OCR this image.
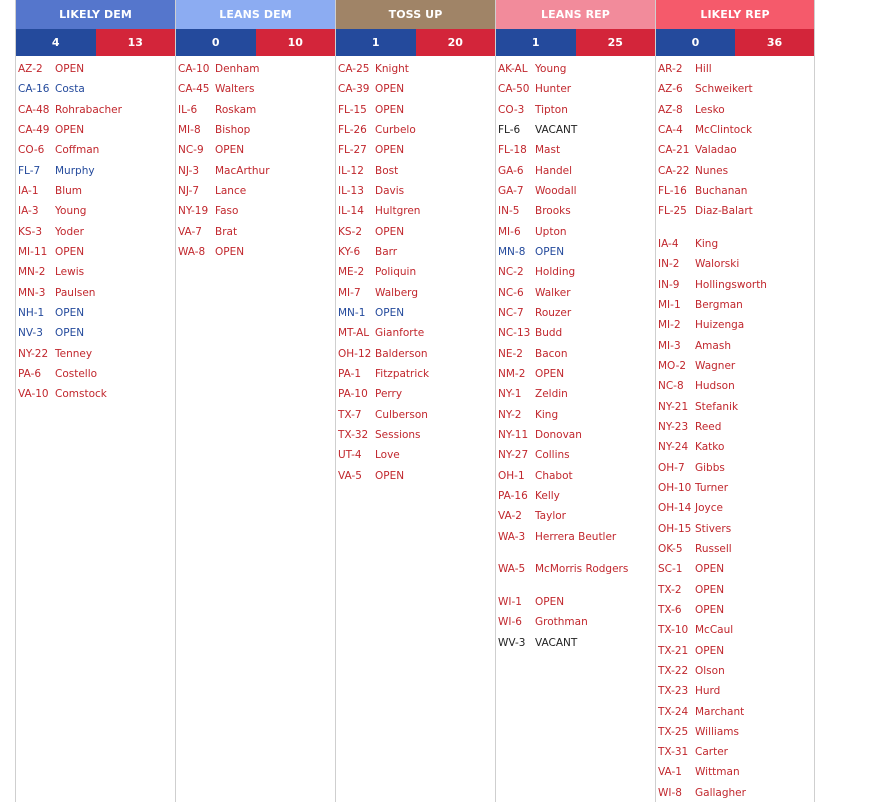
LIKELY DEM
4	13
AZ-2	OPEN
CA-16 Costa
CA-48 Rohrabacher
CA-49 OPEN
CO-6	Coffman
FL-7	Murphy
IA-1	Blum
IA-3	Young
KS-3	Yoder
MI-11 OPEN
MN-2 Lewis
MN-3 Paulsen
NH-1	OPEN
NV-3	OPEN
NY-22 Tenney
PA-6	Costello
VA-10 Comstock
LEANS DEM
0	10
CA-10 Denham
CA-45 Walters
IL-6	Roskam
MI-8	Bishop
NC-9	OPEN
NJ-3	MacArthur
NJ-7	Lance
NY-19 Faso
VA-7	Brat
WA-8 OPEN
TOSS UP
1	20
CA-25 Knight
CA-39 OPEN
FL-15 OPEN
FL-26 Curbelo
FL-27 OPEN
IL-12	Bost
IL-13	Davis
IL-14	Hultgren
KS-2	OPEN
KY-6	Barr
ME-2	Poliquin
MI-7	Walberg
MN-1 OPEN
MT-AL Gianforte
OH-12 Balderson
PA-1	Fitzpatrick
PA-10 Perry
TX-7	Culberson
TX-32 Sessions
UT-4	Love
VA-5	OPEN
LEANS REP
1	25
AK-AL Young
CA-50 Hunter
CO-3	Tipton
FL-6	VACANT
FL-18 Mast
GA-6	Handel
GA-7	Woodall
IN-5	Brooks
MI-6	Upton
MN-8 OPEN
NC-2	Holding
NC-6	Walker
NC-7	Rouzer
NC-13 Budd
NE-2	Bacon
NM-2 OPEN
NY-1	Zeldin
NY-2	King
NY-11 Donovan
NY-27 Collins
OH-1 Chabot
PA-16 Kelly
VA-2	Taylor
WA-3 Herrera Beutler
WA-5 McMorris Rodgers
WI-1	OPEN
WI-6	Grothman
WV-3 VACANT
LIKELY REP
0	36
AR-2	Hill
AZ-6	Schweikert
AZ-8	Lesko
CA-4	McClintock
CA-21 Valadao
CA-22 Nunes
FL-16 Buchanan
FL-25 Diaz-Balart
IA-4	King
IN-2	Walorski
IN-9	Hollingsworth
MI-1	Bergman
MI-2	Huizenga
MI-3	Amash
MO-2 Wagner
NC-8	Hudson
NY-21 Stefanik
NY-23 Reed
NY-24 Katko
OH-7 Gibbs
OH-10 Turner
OH-14 Joyce
OH-15 Stivers
OK-5	Russell
SC-1	OPEN
TX-2	OPEN
TX-6	OPEN
TX-10 McCaul
TX-21 OPEN
TX-22 Olson
TX-23 Hurd
TX-24 Marchant
TX-25 Williams
TX-31 Carter
VA-1	Wittman
WI-8	Gallagher
